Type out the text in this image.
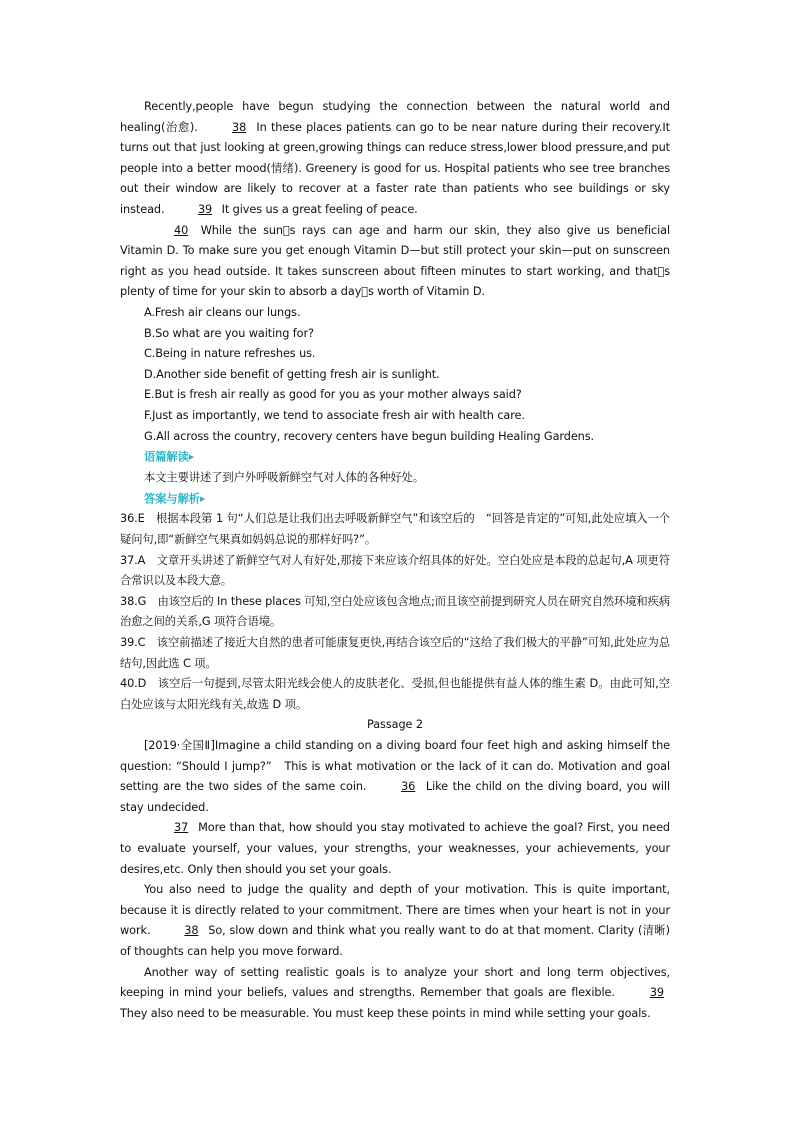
Recently,people have begun studying the connection between the natural world and healing(治愈).	38 In these places patients can go to be near nature during their recovery.It turns out that just looking at green,growing things can reduce stress,lower blood pressure,and put people into a better mood(情绪). Greenery is good for us. Hospital patients who see tree branches out their window are likely to recover at a faster rate than patients who see buildings or sky instead.	39 It gives us a great feeling of peace.

40 While the sun s rays can age and harm our skin, they also give us beneficial Vitamin D. To make sure you get enough Vitamin D—but still protect your skin—put on sunscreen right as you head outside. It takes sunscreen about fifteen minutes to start working, and that s plenty of time for your skin to absorb a day s worth of Vitamin D.

A.Fresh air cleans our lungs.

B.So what are you waiting for?

C.Being in nature refreshes us.

D.Another side benefit of getting fresh air is sunlight.

E.But is fresh air really as good for you as your mother always said?

F.Just as importantly, we tend to associate fresh air with health care.

G.All across the country, recovery centers have begun building Healing Gardens.

语篇解读▶

本文主要讲述了到户外呼吸新鲜空气对人体的各种好处。

答案与解析▶

36.E　根据本段第 1 句“人们总是让我们出去呼吸新鲜空气”和该空后的　“回答是肯定的”可知,此处应填入一个疑问句,即“新鲜空气果真如妈妈总说的那样好吗?”。

37.A　文章开头讲述了新鲜空气对人有好处,那接下来应该介绍具体的好处。空白处应是本段的总起句,A 项更符合常识以及本段大意。

38.G　由该空后的 In these places 可知,空白处应该包含地点;而且该空前提到研究人员在研究自然环境和疾病治愈之间的关系,G 项符合语境。

39.C　该空前描述了接近大自然的患者可能康复更快,再结合该空后的“这给了我们极大的平静”可知,此处应为总结句,因此选 C 项。

40.D　该空后一句提到,尽管太阳光线会使人的皮肤老化、受损,但也能提供有益人体的维生素 D。由此可知,空白处应该与太阳光线有关,故选 D 项。

Passage 2

[2019·全国Ⅱ]Imagine a child standing on a diving board four feet high and asking himself the question: “Should I jump?”　This is what motivation or the lack of it can do. Motivation and goal setting are the two sides of the same coin.	36 Like the child on the diving board, you will stay undecided.

37 More than that, how should you stay motivated to achieve the goal? First, you need to evaluate yourself, your values, your strengths, your weaknesses, your achievements, your desires,etc. Only then should you set your goals.

You also need to judge the quality and depth of your motivation. This is quite important, because it is directly related to your commitment. There are times when your heart is not in your work.	38 So, slow down and think what you really want to do at that moment. Clarity (清晰) of thoughts can help you move forward.

Another way of setting realistic goals is to analyze your short and long term objectives, keeping in mind your beliefs, values and strengths. Remember that goals are flexible.	39 They also need to be measurable. You must keep these points in mind while setting your goals.
